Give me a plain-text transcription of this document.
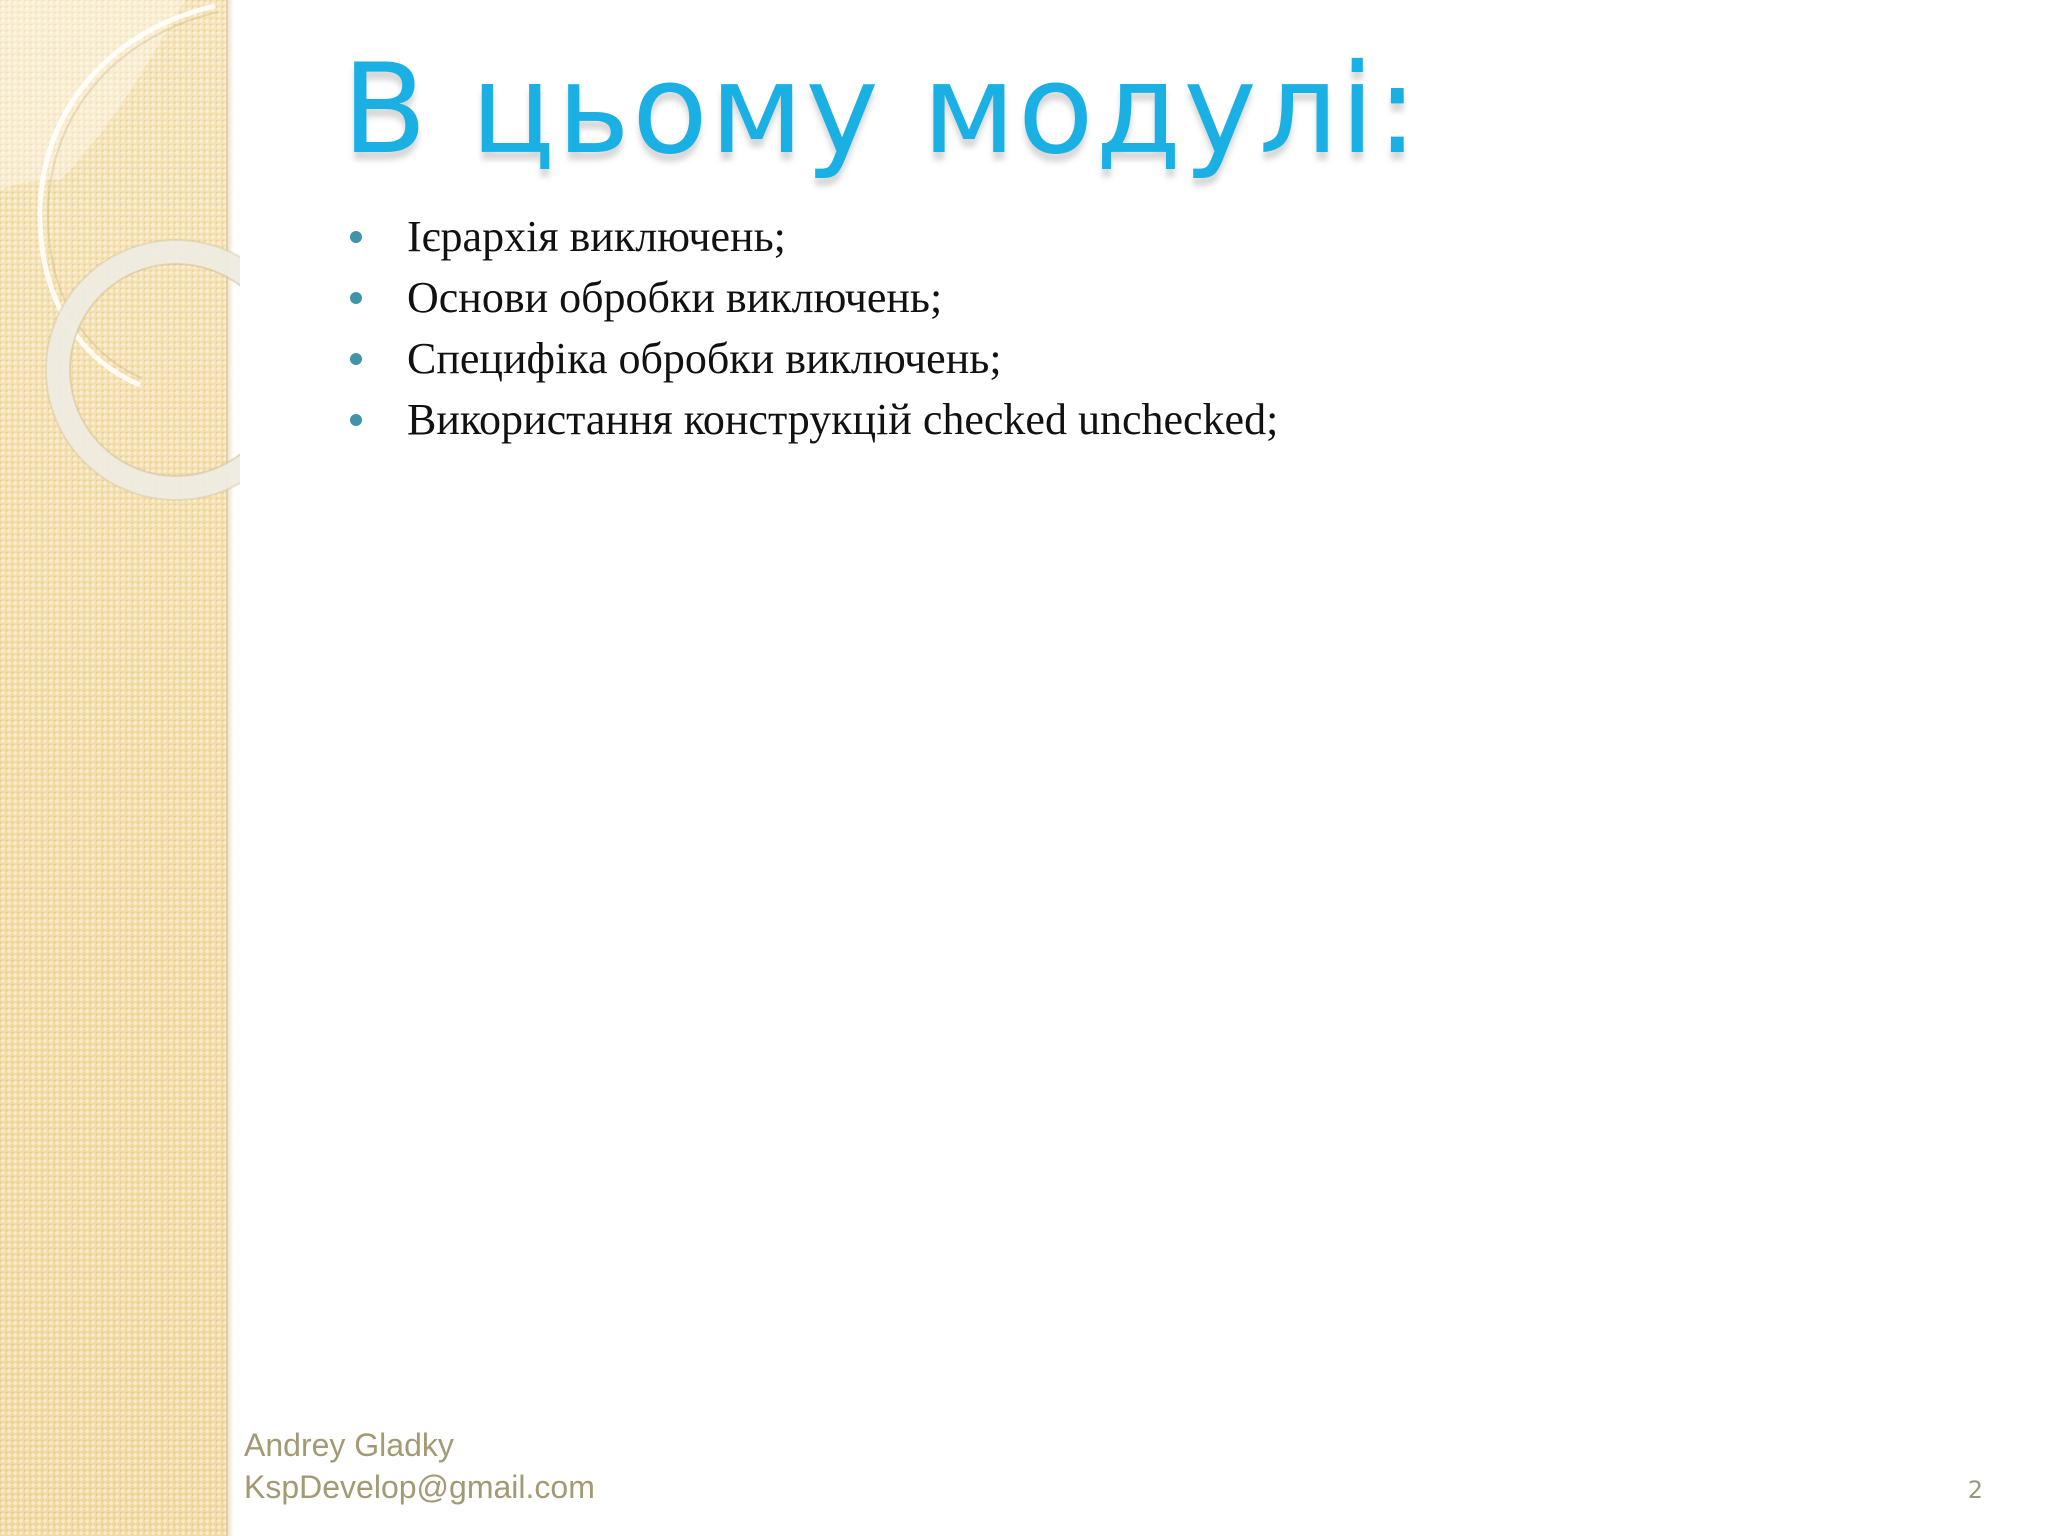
В цьому модулі:
Ієрархія виключень;
Основи обробки виключень;
Специфіка обробки виключень;
Використання конструкцій checked unchecked;
Andrey Gladky
KspDevelop@gmail.com	2
